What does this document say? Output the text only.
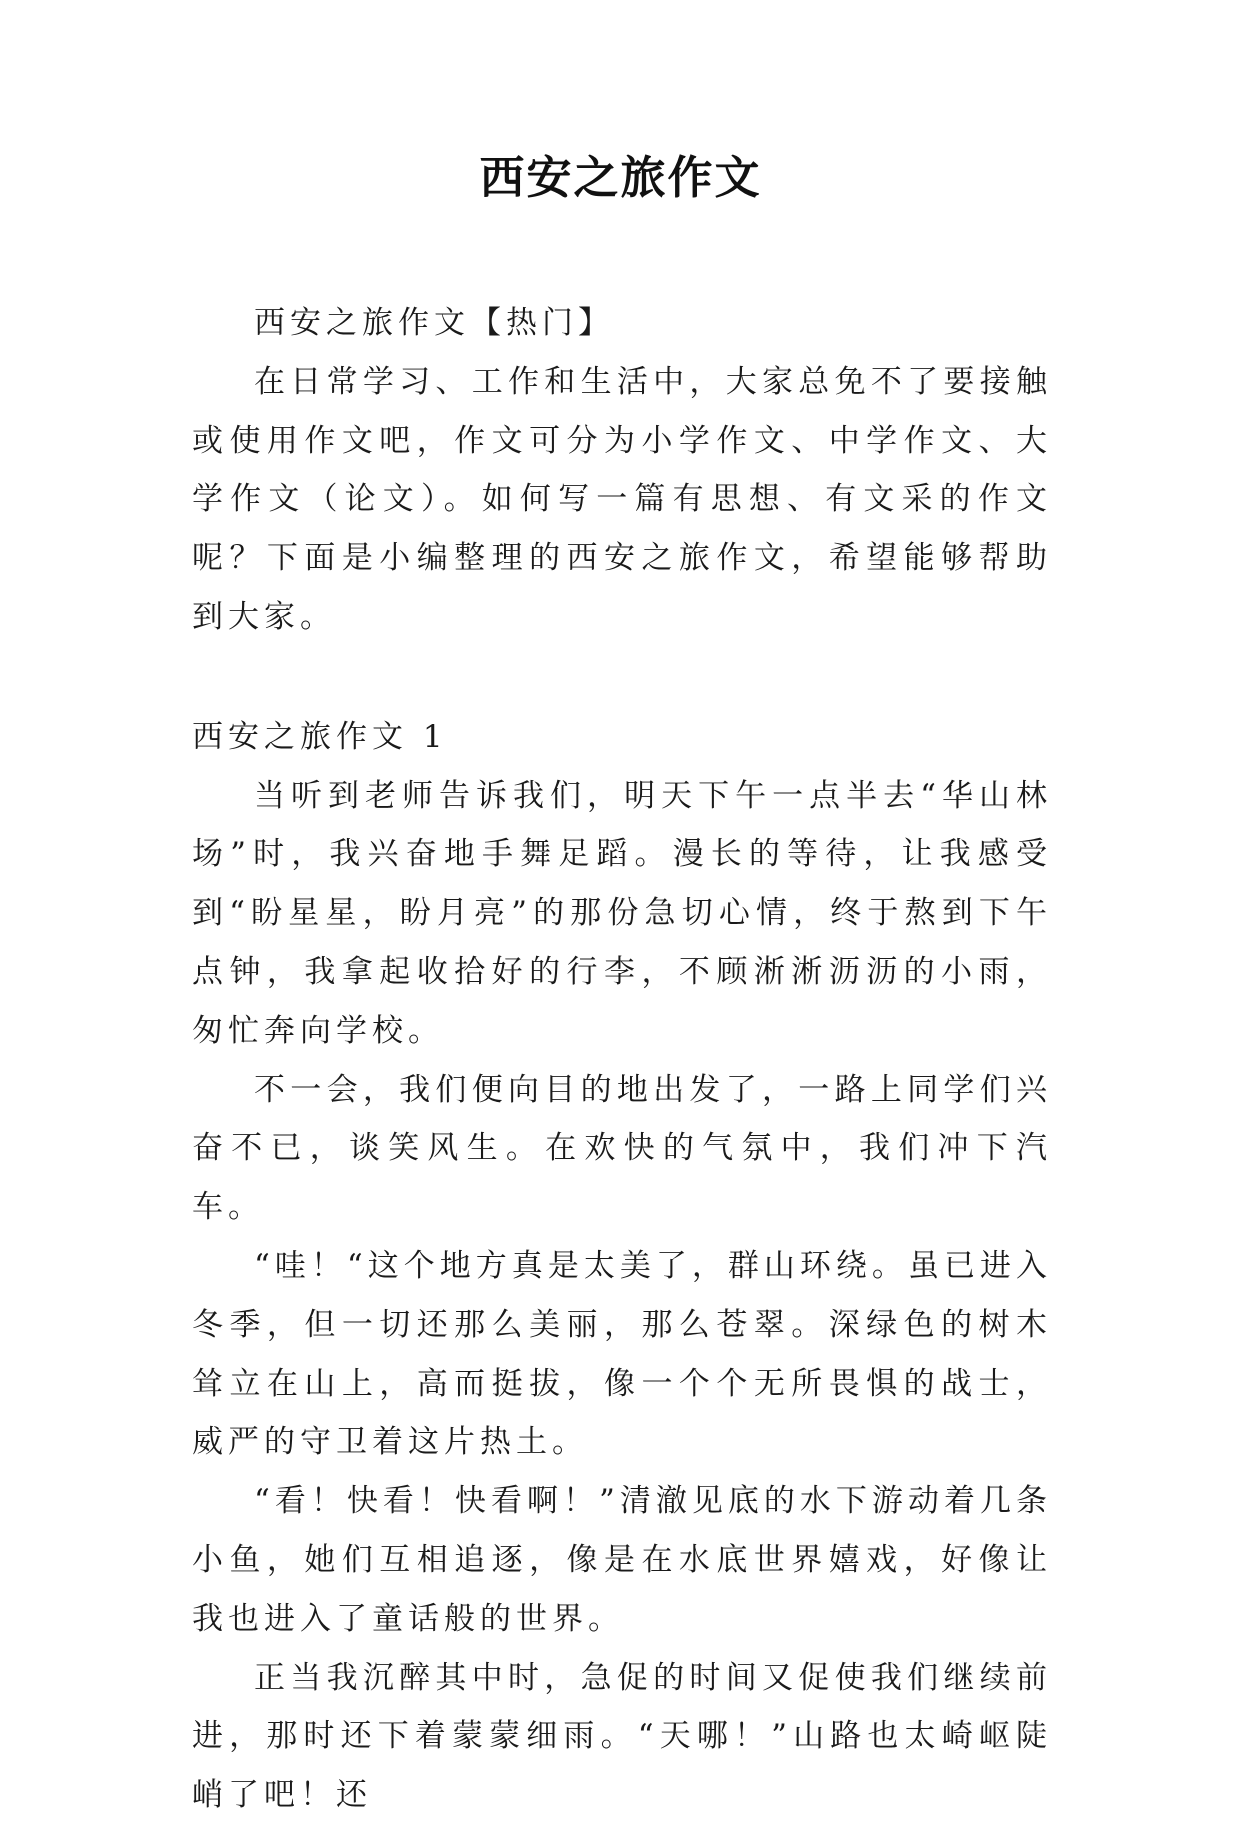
西安之旅作文

西安之旅作文【热门】

在日常学习、工作和生活中，大家总免不了要接触或使用作文吧，作文可分为小学作文、中学作文、大学作文（论文）。如何写一篇有思想、有文采的作文呢？下面是小编整理的西安之旅作文，希望能够帮助到大家。

西安之旅作文 1

当听到老师告诉我们，明天下午一点半去“华山林场”时，我兴奋地手舞足蹈。漫长的等待，让我感受到“盼星星，盼月亮”的那份急切心情，终于熬到下午点钟，我拿起收拾好的行李，不顾淅淅沥沥的小雨，匆忙奔向学校。

不一会，我们便向目的地出发了，一路上同学们兴奋不已，谈笑风生。在欢快的气氛中，我们冲下汽车。

“哇！“这个地方真是太美了，群山环绕。虽已进入冬季，但一切还那么美丽，那么苍翠。深绿色的树木耸立在山上，高而挺拔，像一个个无所畏惧的战士，威严的守卫着这片热土。

“看！快看！快看啊！”清澈见底的水下游动着几条小鱼，她们互相追逐，像是在水底世界嬉戏，好像让我也进入了童话般的世界。

正当我沉醉其中时，急促的时间又促使我们继续前进，那时还下着蒙蒙细雨。“天哪！”山路也太崎岖陡峭了吧！还
